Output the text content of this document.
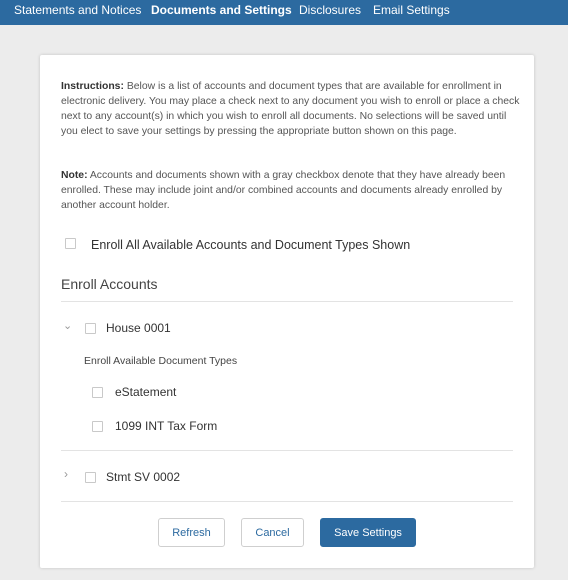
Statements and Notices Documents and Settings Disclosures Email Settings

Instructions: Below is a list of accounts and document types that are available for enrollment in electronic delivery. You may place a check next to any document you wish to enroll or place a check next to any account(s) in which you wish to enroll all documents. No selections will be saved until you elect to save your settings by pressing the appropriate button shown on this page.

Note: Accounts and documents shown with a gray checkbox denote that they have already been enrolled. These may include joint and/or combined accounts and documents already enrolled by another account holder.

Enroll All Available Accounts and Document Types Shown
Enroll Accounts
⌄	House 0001
Enroll Available Document Types
eStatement
1099 INT Tax Form
›	Stmt SV 0002
Refresh	Cancel	Save Settings
